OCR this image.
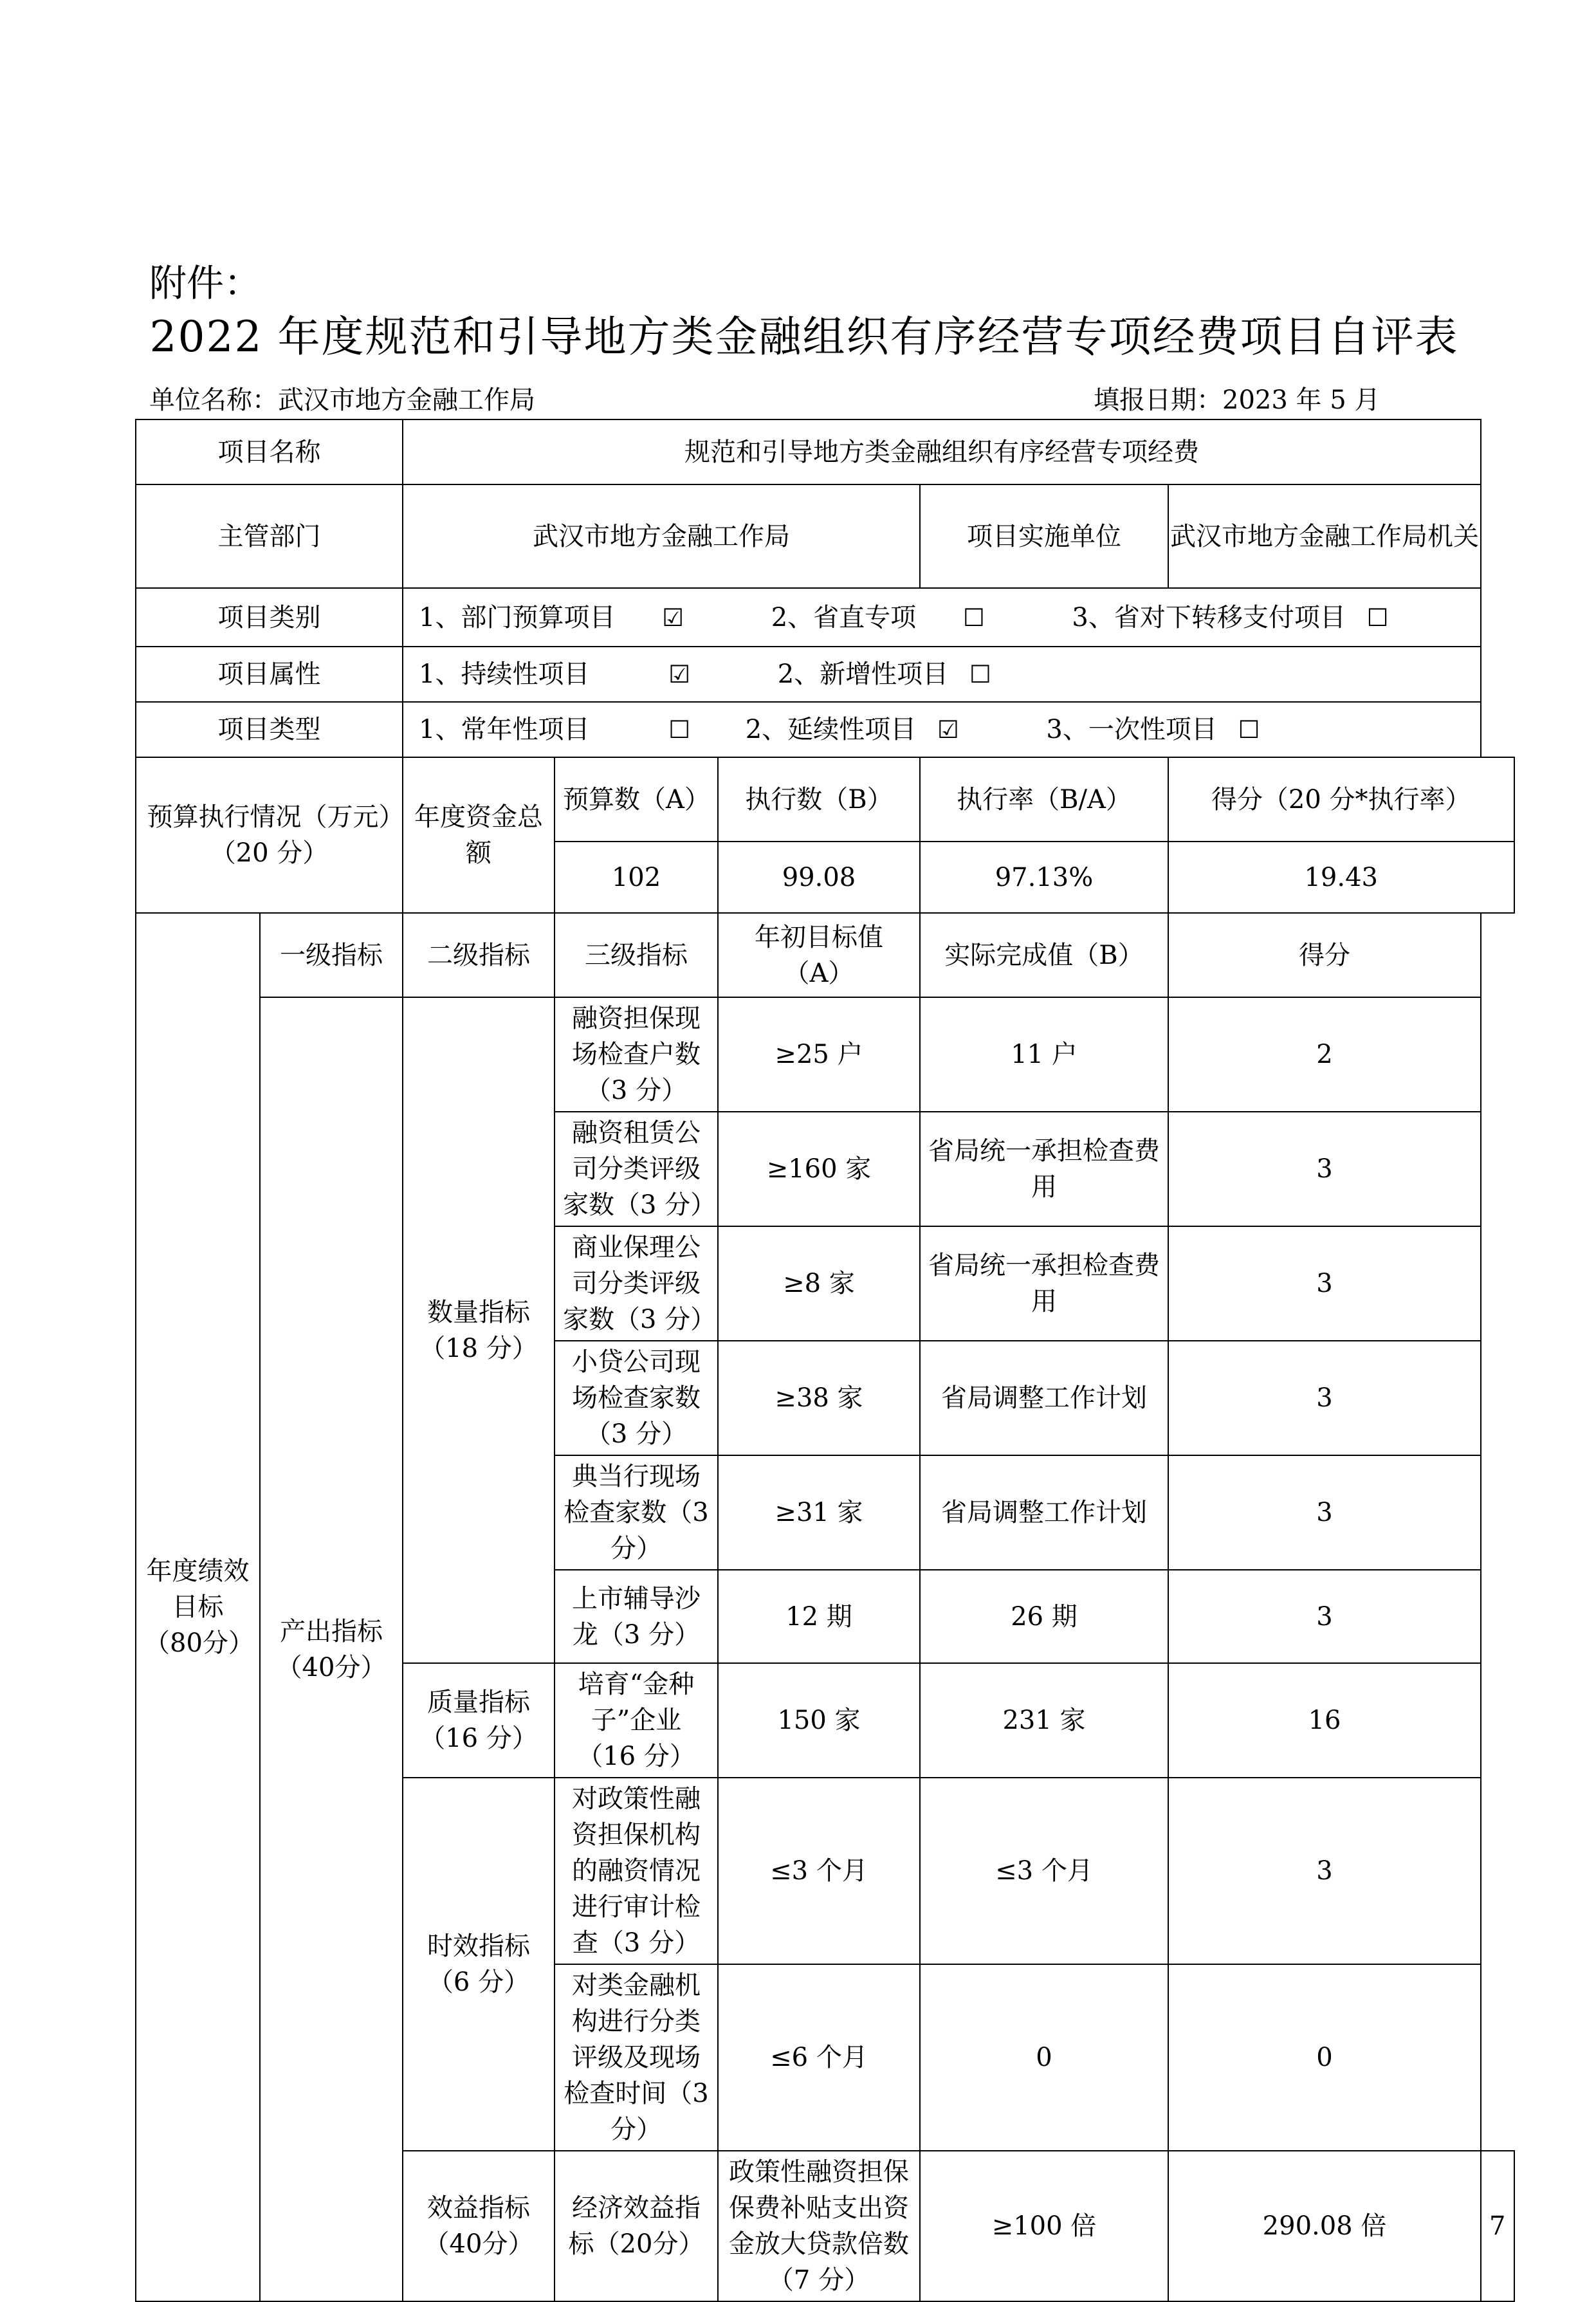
附件：
2022 年度规范和引导地方类金融组织有序经营专项经费项目自评表
单位名称：武汉市地方金融工作局	填报日期：2023 年 5 月
项目名称		规范和引导地方类金融组织有序经营专项经费					
主管部门		武汉市地方金融工作局			项目实施单位	武汉市地方金融工作局机关	
项目类别		1、部门预算项目 ☑ 2、省直专项 ☐ 3、省对下转移支付项目 ☐					
项目属性		1、持续性项目 ☑ 2、新增性项目 ☐					
项目类型		1、常年性项目 ☐ 2、延续性项目 ☑ 3、一次性项目 ☐					
预算执行情况（万元）（20 分）		年度资金总额	预算数（A）	执行数（B）	执行率（B/A）	得分（20 分*执行率）	
			102	99.08	97.13%	19.43	
年度绩效目标（80分）	一级指标	二级指标	三级指标	年初目标值（A）	实际完成值（B）	得分	
	产出指标（40分）	数量指标（18 分）	融资担保现场检查户数（3 分）	≥25 户	11 户	2	
			融资租赁公司分类评级家数（3 分）	≥160 家	省局统一承担检查费用	3	
			商业保理公司分类评级家数（3 分）	≥8 家	省局统一承担检查费用	3	
			小贷公司现场检查家数（3 分）	≥38 家	省局调整工作计划	3	
			典当行现场检查家数（3 分）	≥31 家	省局调整工作计划	3	
			上市辅导沙龙（3 分）	12 期	26 期	3	
		质量指标（16 分）	培育“金种子”企业（16 分）	150 家	231 家	16	
		时效指标（6 分）	对政策性融资担保机构的融资情况进行审计检查（3 分）	≤3 个月	≤3 个月	3	
			对类金融机构进行分类评级及现场检查时间（3 分）	≤6 个月	0	0	
		效益指标（40分）	经济效益指标（20分）	政策性融资担保保费补贴支出资金放大贷款倍数（7 分）	≥100 倍	290.08 倍	7
